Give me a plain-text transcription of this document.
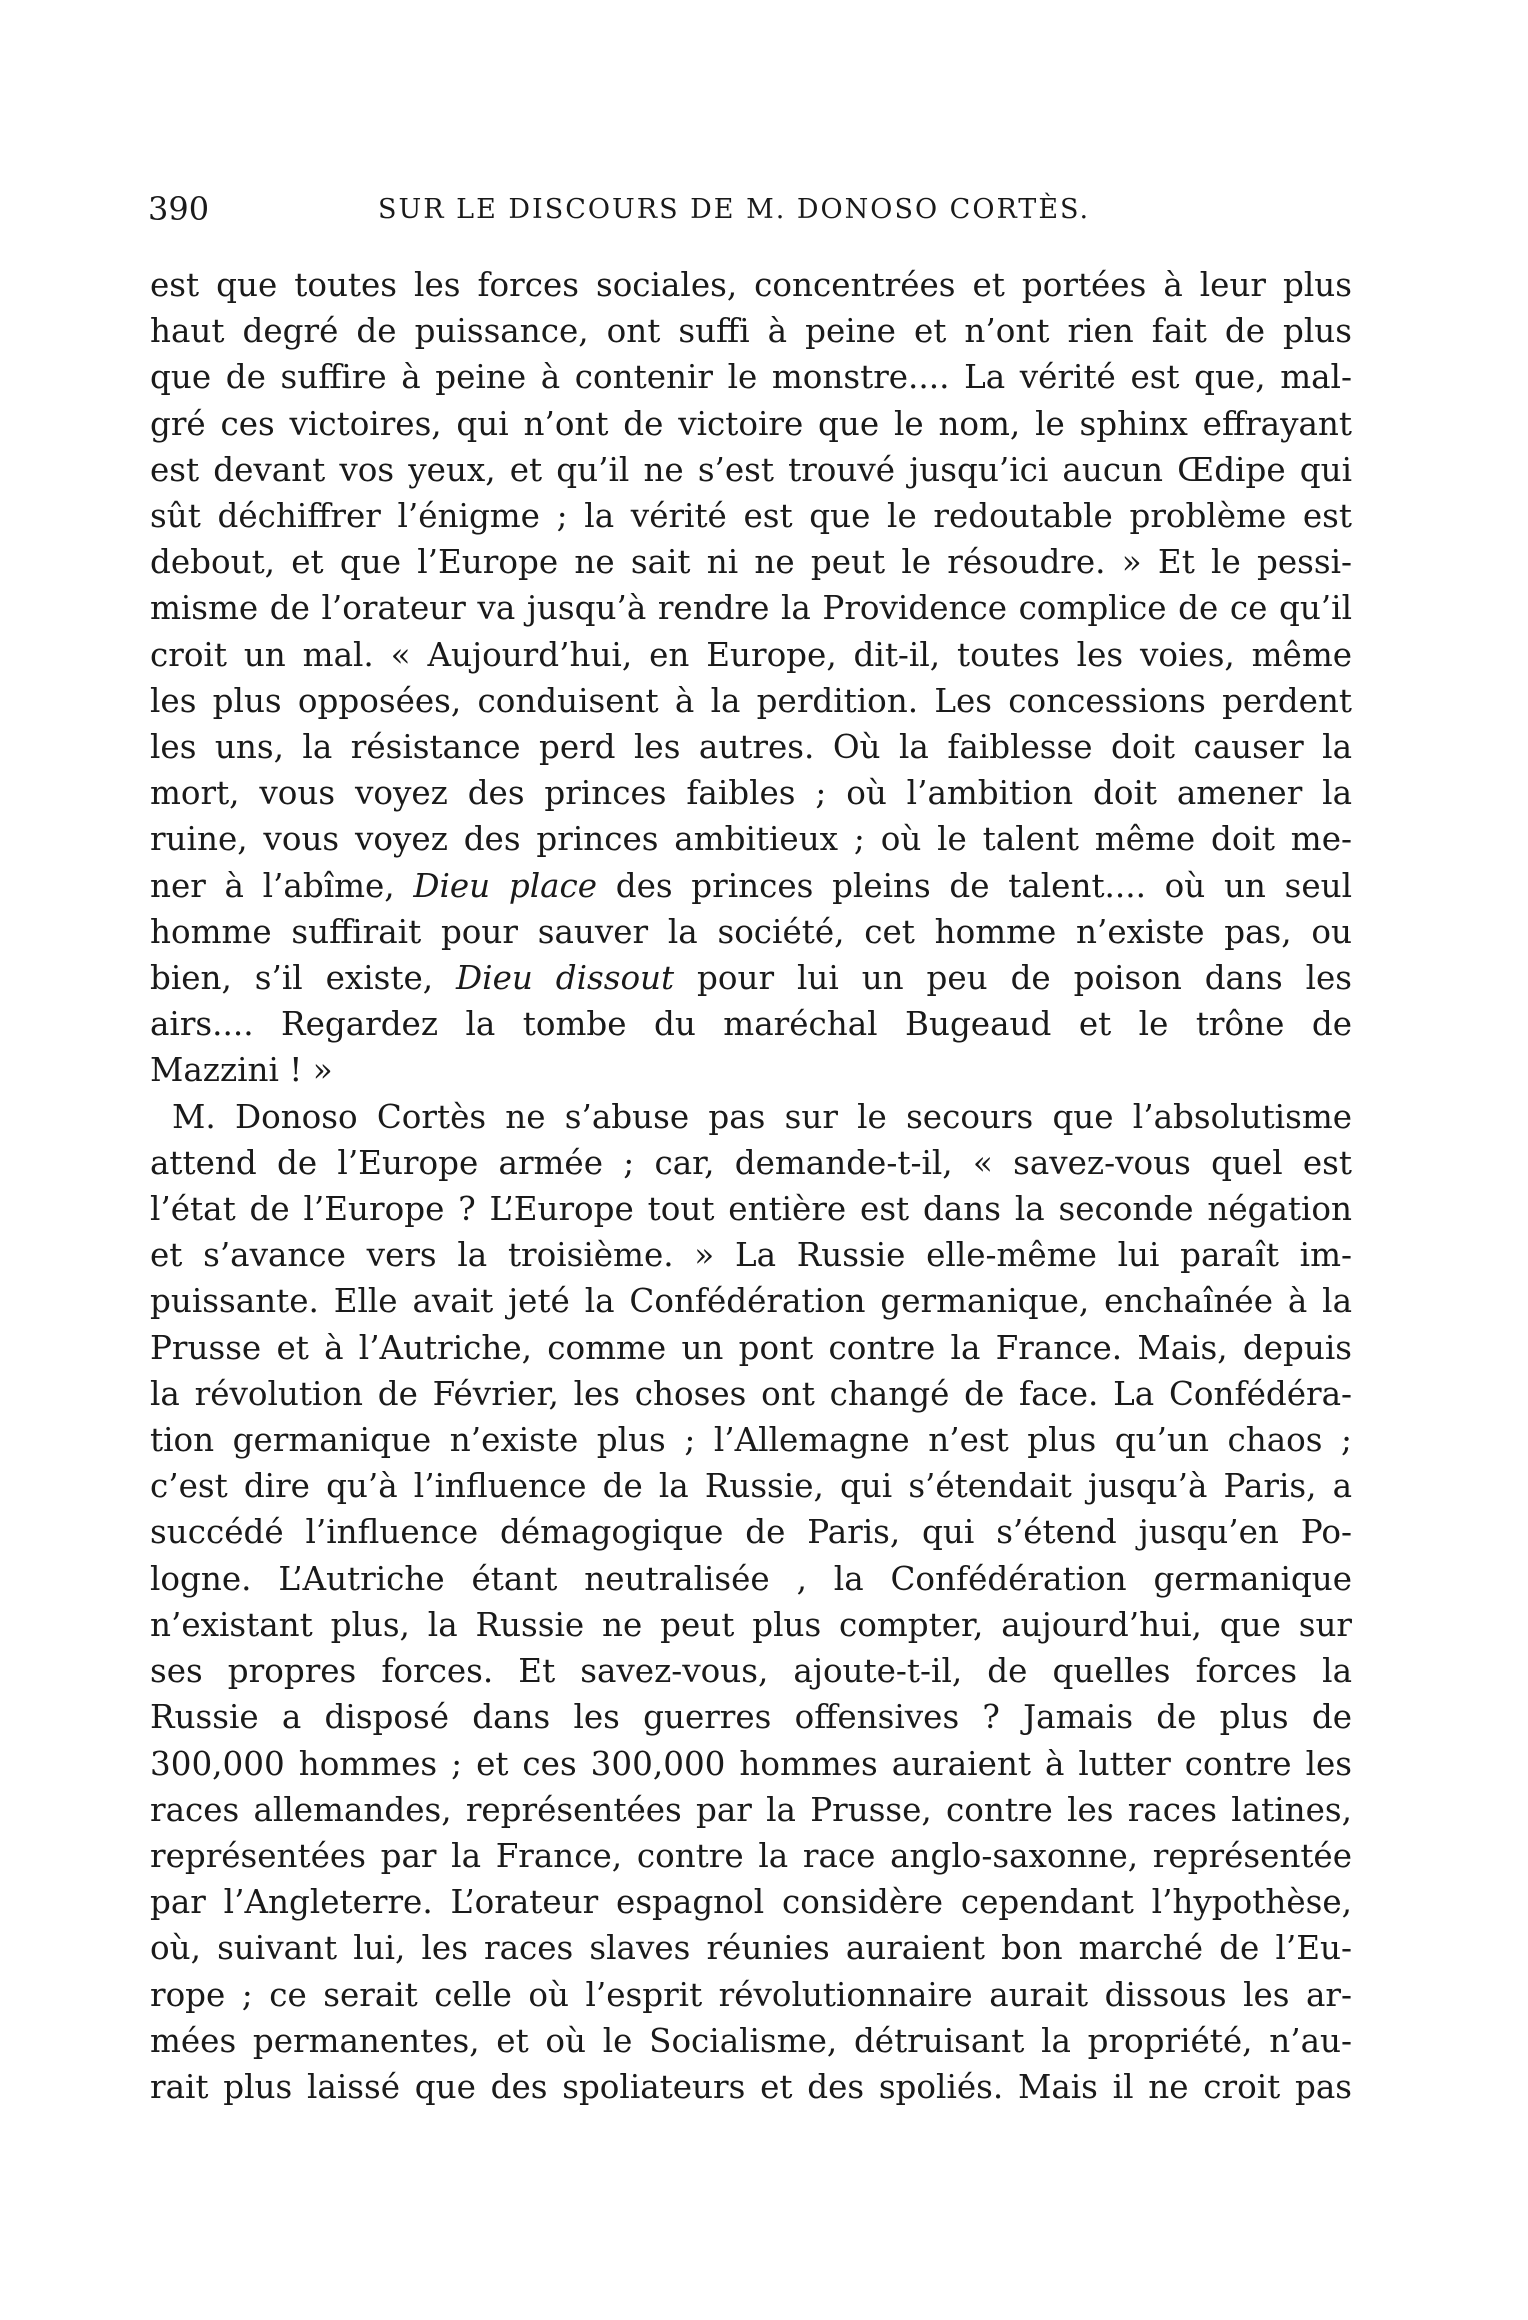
390	SUR LE DISCOURS DE M. DONOSO CORTÈS.
est que toutes les forces sociales, concentrées et portées à leur plus
haut degré de puissance, ont suffi à peine et n’ont rien fait de plus
que de suffire à peine à contenir le monstre.... La vérité est que, mal-
gré ces victoires, qui n’ont de victoire que le nom, le sphinx effrayant
est devant vos yeux, et qu’il ne s’est trouvé jusqu’ici aucun Œdipe qui
sût déchiffrer l’énigme ; la vérité est que le redoutable problème est
debout, et que l’Europe ne sait ni ne peut le résoudre. » Et le pessi-
misme de l’orateur va jusqu’à rendre la Providence complice de ce qu’il
croit un mal. « Aujourd’hui, en Europe, dit-il, toutes les voies, même
les plus opposées, conduisent à la perdition. Les concessions perdent
les uns, la résistance perd les autres. Où la faiblesse doit causer la
mort, vous voyez des princes faibles ; où l’ambition doit amener la
ruine, vous voyez des princes ambitieux ; où le talent même doit me-
ner à l’abîme, Dieu place des princes pleins de talent.... où un seul
homme suffirait pour sauver la société, cet homme n’existe pas, ou
bien, s’il existe, Dieu dissout pour lui un peu de poison dans les
airs.... Regardez la tombe du maréchal Bugeaud et le trône de
Mazzini ! »
M. Donoso Cortès ne s’abuse pas sur le secours que l’absolutisme
attend de l’Europe armée ; car, demande-t-il, « savez-vous quel est
l’état de l’Europe ? L’Europe tout entière est dans la seconde négation
et s’avance vers la troisième. » La Russie elle-même lui paraît im-
puissante. Elle avait jeté la Confédération germanique, enchaînée à la
Prusse et à l’Autriche, comme un pont contre la France. Mais, depuis
la révolution de Février, les choses ont changé de face. La Confédéra-
tion germanique n’existe plus ; l’Allemagne n’est plus qu’un chaos ;
c’est dire qu’à l’influence de la Russie, qui s’étendait jusqu’à Paris, a
succédé l’influence démagogique de Paris, qui s’étend jusqu’en Po-
logne. L’Autriche étant neutralisée , la Confédération germanique
n’existant plus, la Russie ne peut plus compter, aujourd’hui, que sur
ses propres forces. Et savez-vous, ajoute-t-il, de quelles forces la
Russie a disposé dans les guerres offensives ? Jamais de plus de
300,000 hommes ; et ces 300,000 hommes auraient à lutter contre les
races allemandes, représentées par la Prusse, contre les races latines,
représentées par la France, contre la race anglo-saxonne, représentée
par l’Angleterre. L’orateur espagnol considère cependant l’hypothèse,
où, suivant lui, les races slaves réunies auraient bon marché de l’Eu-
rope ; ce serait celle où l’esprit révolutionnaire aurait dissous les ar-
mées permanentes, et où le Socialisme, détruisant la propriété, n’au-
rait plus laissé que des spoliateurs et des spoliés. Mais il ne croit pas
